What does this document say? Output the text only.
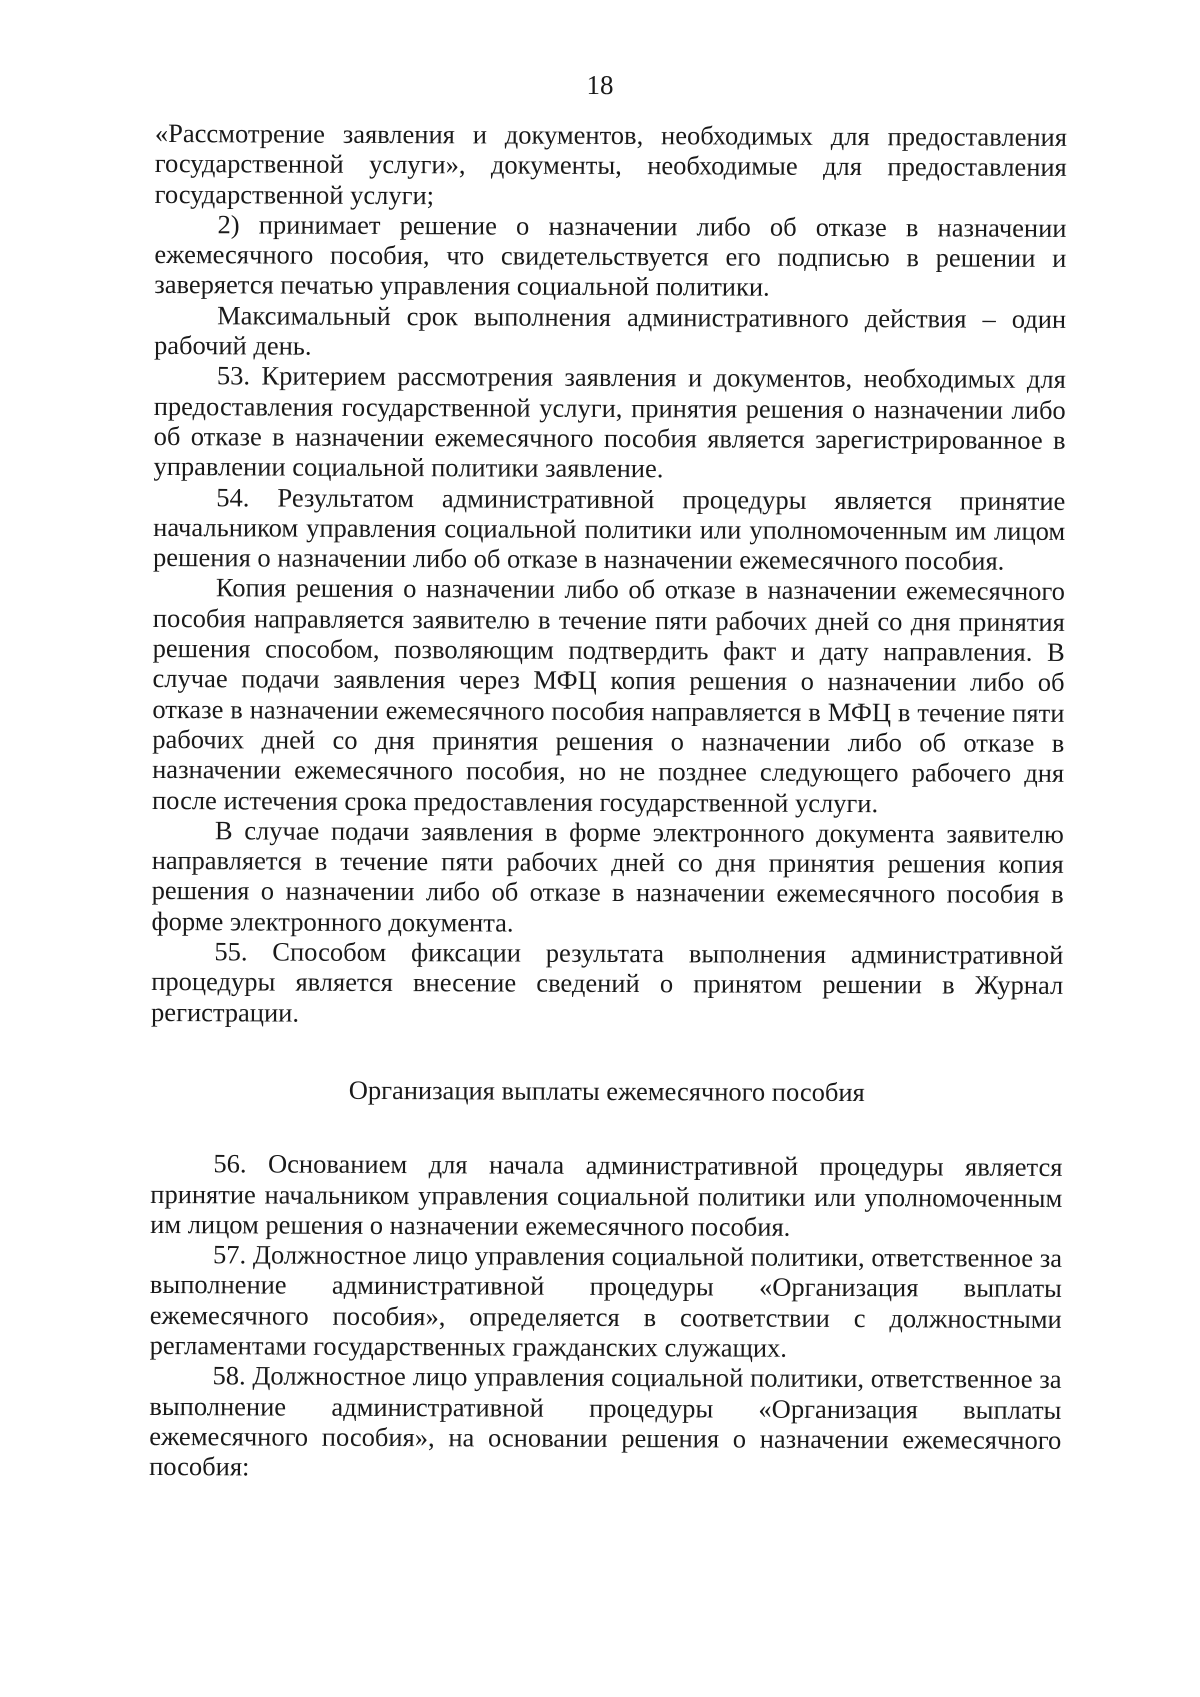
18

«Рассмотрение заявления и документов, необходимых для предоставления государственной услуги», документы, необходимые для предоставления государственной услуги;

2) принимает решение о назначении либо об отказе в назначении ежемесячного пособия, что свидетельствуется его подписью в решении и заверяется печатью управления социальной политики.

Максимальный срок выполнения административного действия – один рабочий день.

53. Критерием рассмотрения заявления и документов, необходимых для предоставления государственной услуги, принятия решения о назначении либо об отказе в назначении ежемесячного пособия является зарегистрированное в управлении социальной политики заявление.

54. Результатом административной процедуры является принятие начальником управления социальной политики или уполномоченным им лицом решения о назначении либо об отказе в назначении ежемесячного пособия.

Копия решения о назначении либо об отказе в назначении ежемесячного пособия направляется заявителю в течение пяти рабочих дней со дня принятия решения способом, позволяющим подтвердить факт и дату направления. В случае подачи заявления через МФЦ копия решения о назначении либо об отказе в назначении ежемесячного пособия направляется в МФЦ в течение пяти рабочих дней со дня принятия решения о назначении либо об отказе в назначении ежемесячного пособия, но не позднее следующего рабочего дня после истечения срока предоставления государственной услуги.

В случае подачи заявления в форме электронного документа заявителю направляется в течение пяти рабочих дней со дня принятия решения копия решения о назначении либо об отказе в назначении ежемесячного пособия в форме электронного документа.

55. Способом фиксации результата выполнения административной процедуры является внесение сведений о принятом решении в Журнал регистрации.

Организация выплаты ежемесячного пособия

56. Основанием для начала административной процедуры является принятие начальником управления социальной политики или уполномоченным им лицом решения о назначении ежемесячного пособия.

57. Должностное лицо управления социальной политики, ответственное за выполнение административной процедуры «Организация выплаты ежемесячного пособия», определяется в соответствии с должностными регламентами государственных гражданских служащих.

58. Должностное лицо управления социальной политики, ответственное за выполнение административной процедуры «Организация выплаты ежемесячного пособия», на основании решения о назначении ежемесячного пособия:
